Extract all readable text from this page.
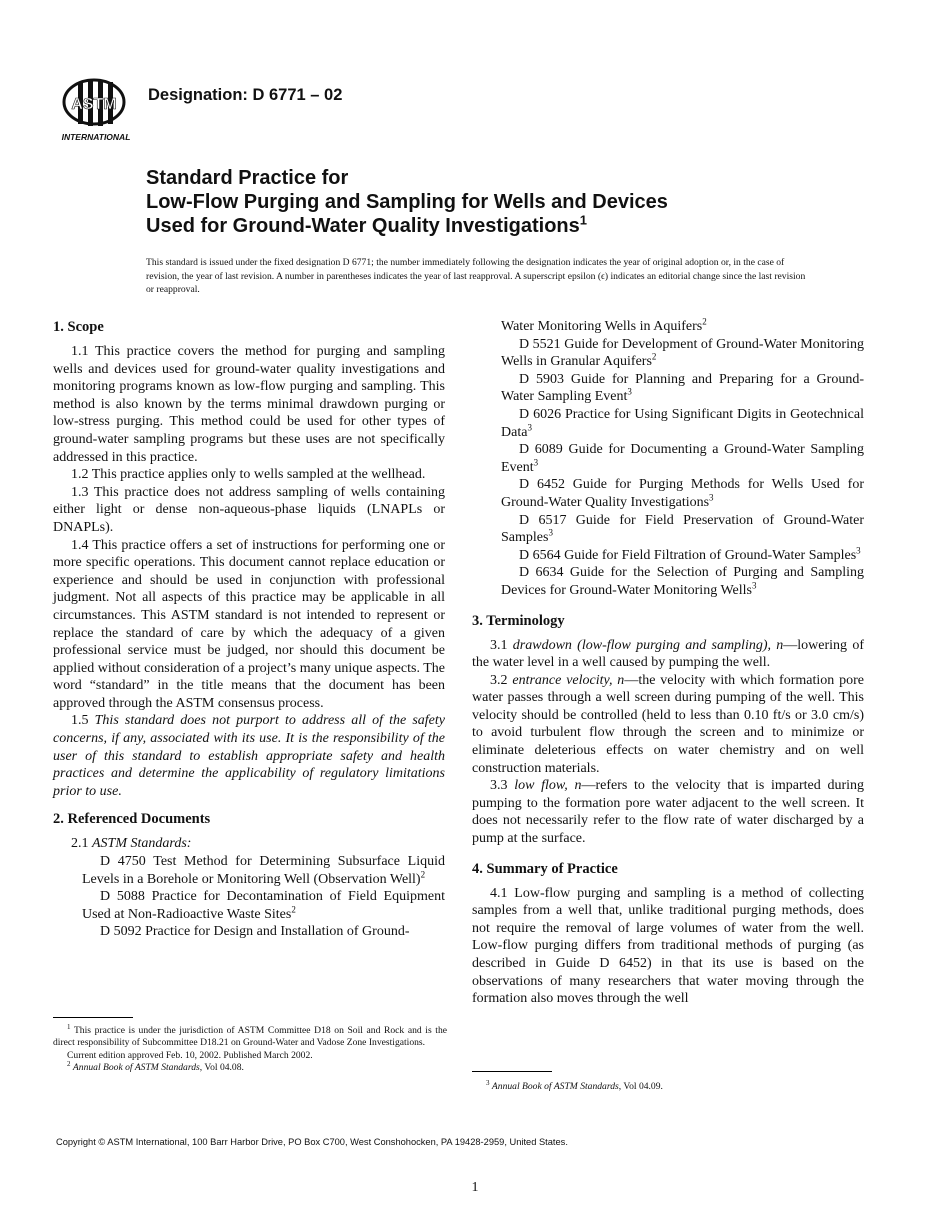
ASTM
INTERNATIONAL
Designation: D 6771 – 02
Standard Practice for
Low-Flow Purging and Sampling for Wells and Devices
Used for Ground-Water Quality Investigations$^1$
This standard is issued under the fixed designation D 6771; the number immediately following the designation indicates the year of original adoption or, in the case of revision, the year of last revision. A number in parentheses indicates the year of last reapproval. A superscript epsilon (ϵ) indicates an editorial change since the last revision or reapproval.
1. Scope

1.1 This practice covers the method for purging and sampling wells and devices used for ground-water quality investigations and monitoring programs known as low-flow purging and sampling. This method is also known by the terms minimal drawdown purging or low-stress purging. This method could be used for other types of ground-water sampling programs but these uses are not specifically addressed in this practice.

1.2 This practice applies only to wells sampled at the wellhead.

1.3 This practice does not address sampling of wells containing either light or dense non-aqueous-phase liquids (LNAPLs or DNAPLs).

1.4 This practice offers a set of instructions for performing one or more specific operations. This document cannot replace education or experience and should be used in conjunction with professional judgment. Not all aspects of this practice may be applicable in all circumstances. This ASTM standard is not intended to represent or replace the standard of care by which the adequacy of a given professional service must be judged, nor should this document be applied without consideration of a project’s many unique aspects. The word “standard” in the title means that the document has been approved through the ASTM consensus process.

1.5 This standard does not purport to address all of the safety concerns, if any, associated with its use. It is the responsibility of the user of this standard to establish appropriate safety and health practices and determine the applicability of regulatory limitations prior to use.

2. Referenced Documents

2.1 ASTM Standards:

D 4750 Test Method for Determining Subsurface Liquid Levels in a Borehole or Monitoring Well (Observation Well)$^2$

D 5088 Practice for Decontamination of Field Equipment Used at Non-Radioactive Waste Sites$^2$

D 5092 Practice for Design and Installation of Ground-

$^1$ This practice is under the jurisdiction of ASTM Committee D18 on Soil and Rock and is the direct responsibility of Subcommittee D18.21 on Ground-Water and Vadose Zone Investigations.

Current edition approved Feb. 10, 2002. Published March 2002.

$^2$ Annual Book of ASTM Standards, Vol 04.08.

Water Monitoring Wells in Aquifers$^2$

D 5521 Guide for Development of Ground-Water Monitoring Wells in Granular Aquifers$^2$

D 5903 Guide for Planning and Preparing for a Ground-Water Sampling Event$^3$

D 6026 Practice for Using Significant Digits in Geotechnical Data$^3$

D 6089 Guide for Documenting a Ground-Water Sampling Event$^3$

D 6452 Guide for Purging Methods for Wells Used for Ground-Water Quality Investigations$^3$

D 6517 Guide for Field Preservation of Ground-Water Samples$^3$

D 6564 Guide for Field Filtration of Ground-Water Samples$^3$

D 6634 Guide for the Selection of Purging and Sampling Devices for Ground-Water Monitoring Wells$^3$

3. Terminology

3.1 drawdown (low-flow purging and sampling), n—lowering of the water level in a well caused by pumping the well.

3.2 entrance velocity, n—the velocity with which formation pore water passes through a well screen during pumping of the well. This velocity should be controlled (held to less than 0.10 ft/s or 3.0 cm/s) to avoid turbulent flow through the screen and to minimize or eliminate deleterious effects on water chemistry and on well construction materials.

3.3 low flow, n—refers to the velocity that is imparted during pumping to the formation pore water adjacent to the well screen. It does not necessarily refer to the flow rate of water discharged by a pump at the surface.

4. Summary of Practice

4.1 Low-flow purging and sampling is a method of collecting samples from a well that, unlike traditional purging methods, does not require the removal of large volumes of water from the well. Low-flow purging differs from traditional methods of purging (as described in Guide D 6452) in that its use is based on the observations of many researchers that water moving through the formation also moves through the well

$^3$ Annual Book of ASTM Standards, Vol 04.09.

Copyright © ASTM International, 100 Barr Harbor Drive, PO Box C700, West Conshohocken, PA 19428-2959, United States.
1
